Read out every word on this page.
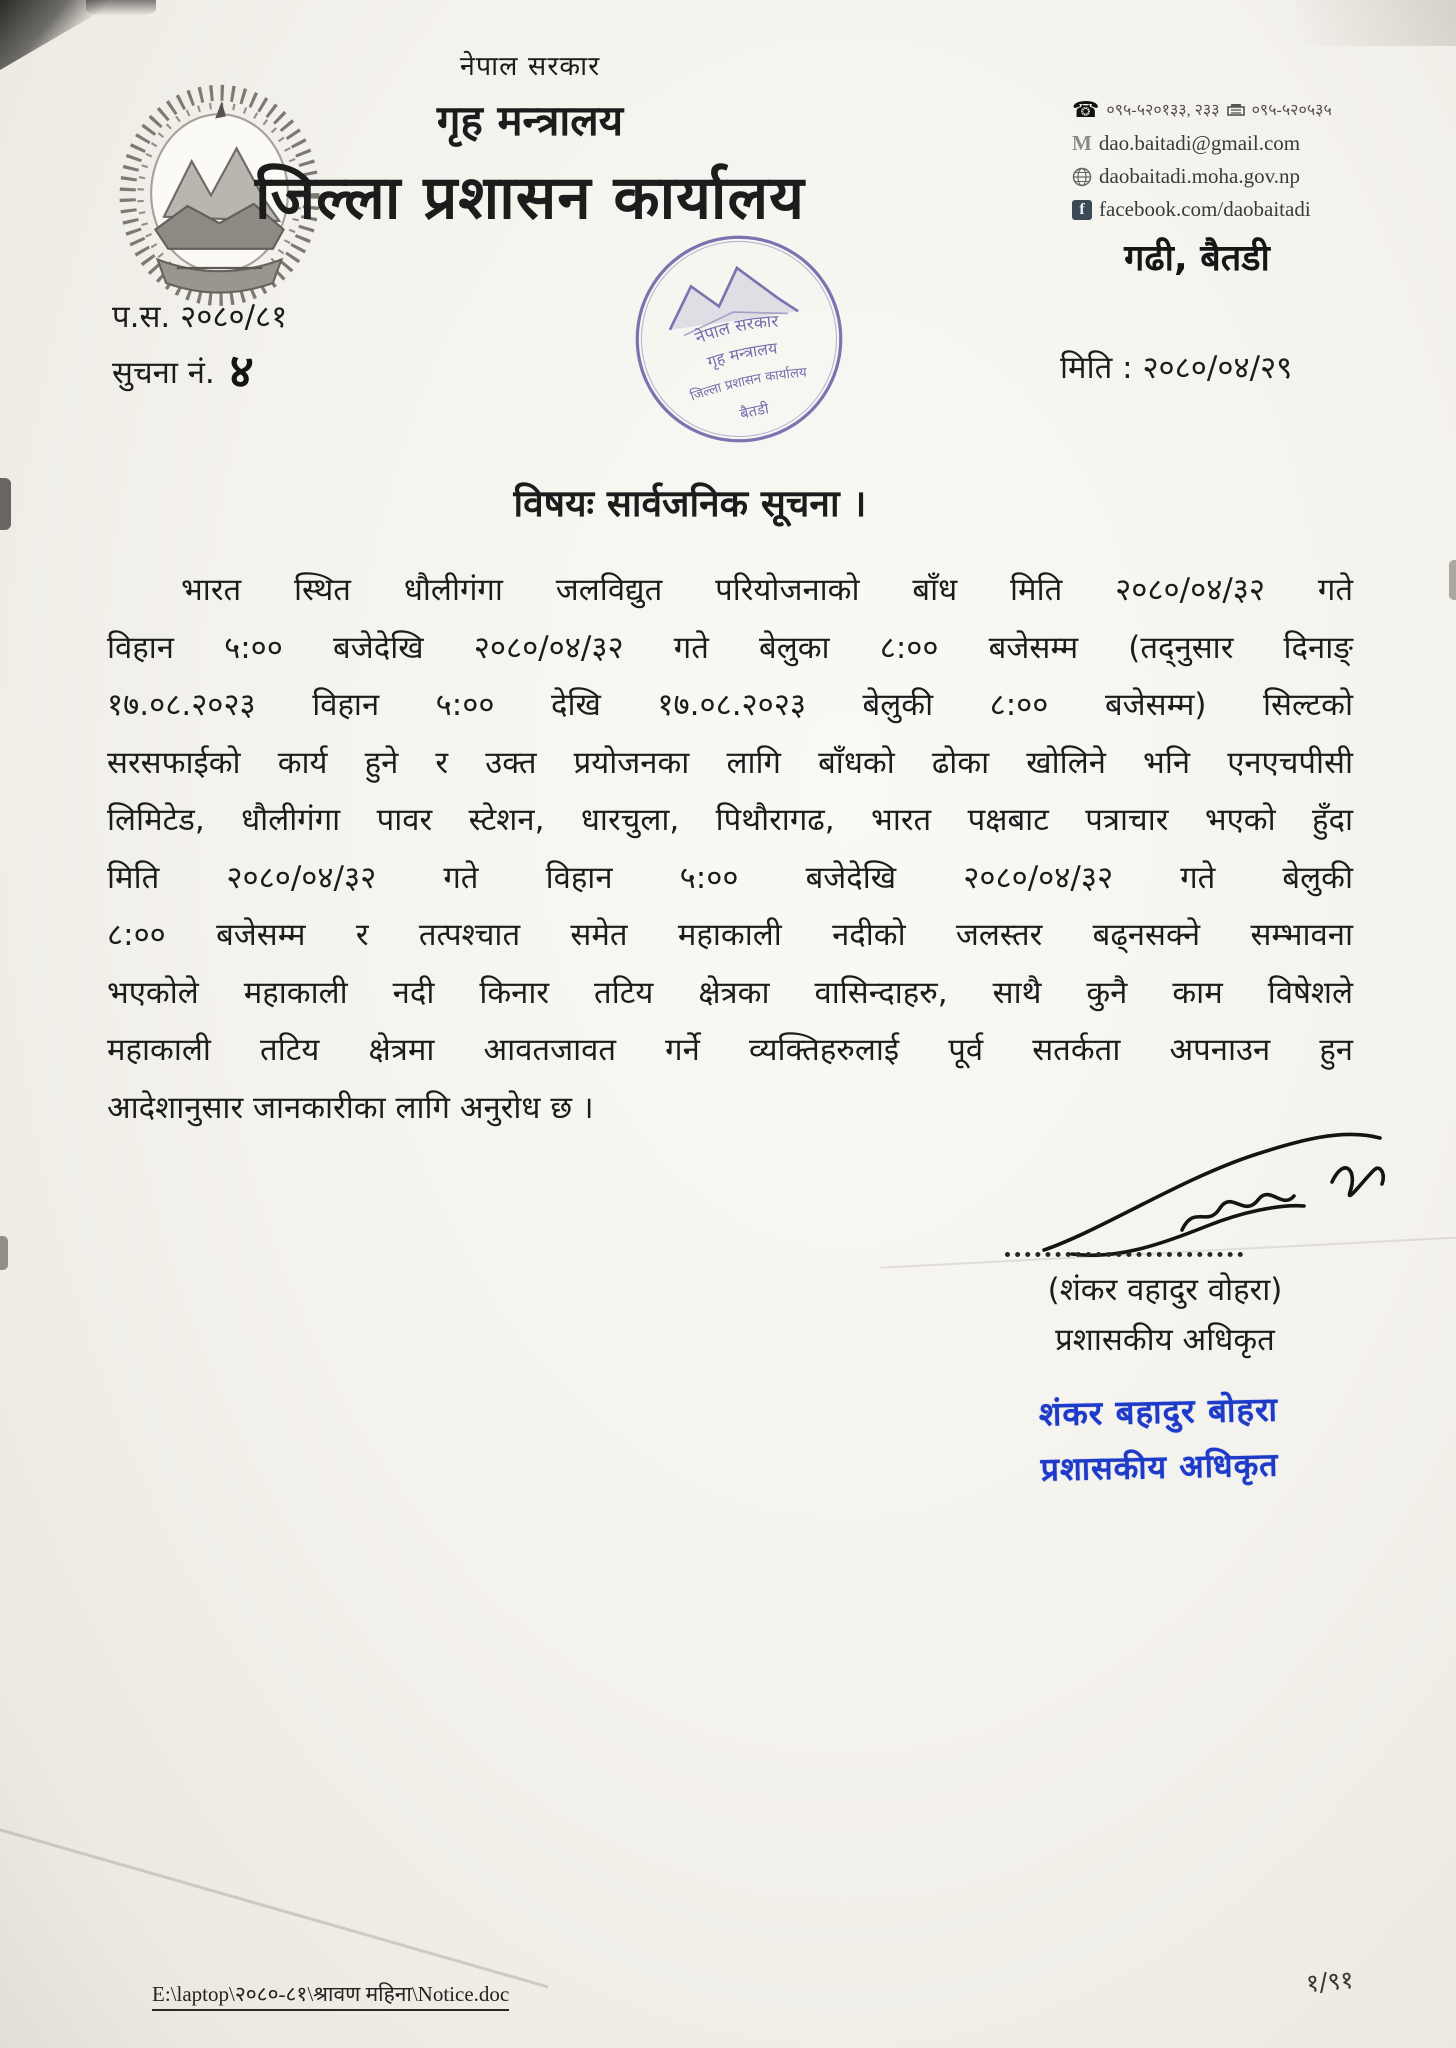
नेपाल सरकार
गृह मन्त्रालय
जिल्ला प्रशासन कार्यालय
☎ ०९५-५२०१३३, २३३ ०९५-५२०५३५
M dao.baitadi@gmail.com
daobaitadi.moha.gov.np
f facebook.com/daobaitadi
गढी, बैतडी
प.स. २०८०/८१
सुचना नं. ४	मिति : २०८०/०४/२९
नेपाल सरकार
गृह मन्त्रालय
जिल्ला प्रशासन कार्यालय
बैतडी
विषयः सार्वजनिक सूचना ।
भारत स्थित धौलीगंगा जलविद्युत परियोजनाको बाँध मिति २०८०/०४/३२ गते
विहान ५:०० बजेदेखि २०८०/०४/३२ गते बेलुका ८:०० बजेसम्म (तद्नुसार दिनाङ्
१७.०८.२०२३ विहान ५:०० देखि १७.०८.२०२३ बेलुकी ८:०० बजेसम्म) सिल्टको
सरसफाईको कार्य हुने र उक्त प्रयोजनका लागि बाँधको ढोका खोलिने भनि एनएचपीसी
लिमिटेड, धौलीगंगा पावर स्टेशन, धारचुला, पिथौरागढ, भारत पक्षबाट पत्राचार भएको हुँदा
मिति २०८०/०४/३२ गते विहान ५:०० बजेदेखि २०८०/०४/३२ गते बेलुकी
८:०० बजेसम्म र तत्पश्चात समेत महाकाली नदीको जलस्तर बढ्नसक्ने सम्भावना
भएकोले महाकाली नदी किनार तटिय क्षेत्रका वासिन्दाहरु, साथै कुनै काम विषेशले
महाकाली तटिय क्षेत्रमा आवतजावत गर्ने व्यक्तिहरुलाई पूर्व सतर्कता अपनाउन हुन
आदेशानुसार जानकारीका लागि अनुरोध छ ।
(शंकर वहादुर वोहरा)
प्रशासकीय अधिकृत
शंकर बहादुर बोहरा
प्रशासकीय अधिकृत
E:\laptop\२०८०-८१\श्रावण महिना\Notice.doc	१/९१
